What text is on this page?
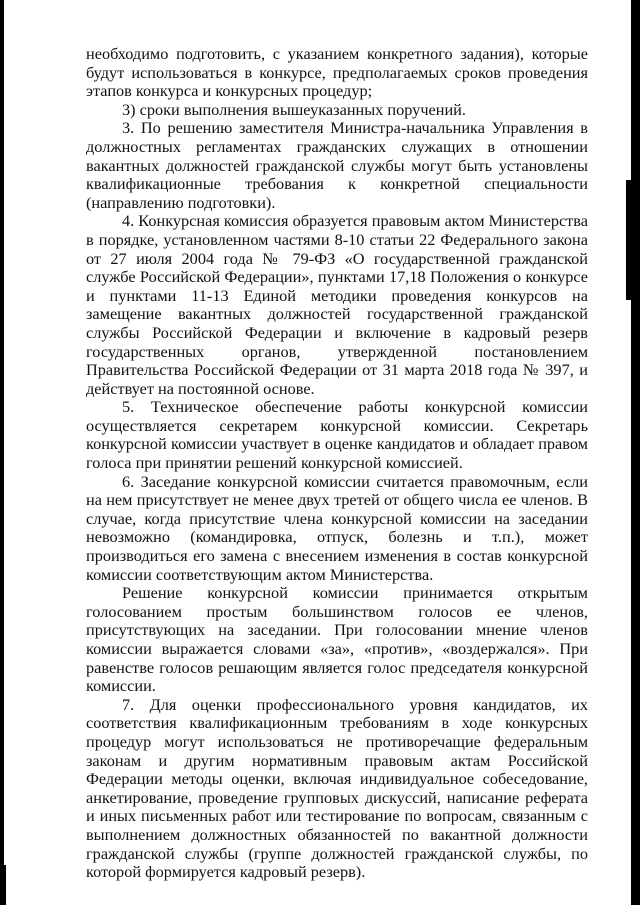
необходимо подготовить, с указанием конкретного задания), которые будут использоваться в конкурсе, предполагаемых сроков проведения этапов конкурса и конкурсных процедур;

3) сроки выполнения вышеуказанных поручений.

3. По решению заместителя Министра-начальника Управления в должностных регламентах гражданских служащих в отношении вакантных должностей гражданской службы могут быть установлены квалификационные требования к конкретной специальности (направлению подготовки).

4. Конкурсная комиссия образуется правовым актом Министерства в порядке, установленном частями 8-10 статьи 22 Федерального закона от 27 июля 2004 года № 79-ФЗ «О государственной гражданской службе Российской Федерации», пунктами 17,18 Положения о конкурсе и пунктами 11-13 Единой методики проведения конкурсов на замещение вакантных должностей государственной гражданской службы Российской Федерации и включение в кадровый резерв государственных органов, утвержденной постановлением Правительства Российской Федерации от 31 марта 2018 года № 397, и действует на постоянной основе.

5. Техническое обеспечение работы конкурсной комиссии осуществляется секретарем конкурсной комиссии. Секретарь конкурсной комиссии участвует в оценке кандидатов и обладает правом голоса при принятии решений конкурсной комиссией.

6. Заседание конкурсной комиссии считается правомочным, если на нем присутствует не менее двух третей от общего числа ее членов. В случае, когда присутствие члена конкурсной комиссии на заседании невозможно (командировка, отпуск, болезнь и т.п.), может производиться его замена с внесением изменения в состав конкурсной комиссии соответствующим актом Министерства.

Решение конкурсной комиссии принимается открытым голосованием простым большинством голосов ее членов, присутствующих на заседании. При голосовании мнение членов комиссии выражается словами «за», «против», «воздержался». При равенстве голосов решающим является голос председателя конкурсной комиссии.

7. Для оценки профессионального уровня кандидатов, их соответствия квалификационным требованиям в ходе конкурсных процедур могут использоваться не противоречащие федеральным законам и другим нормативным правовым актам Российской Федерации методы оценки, включая индивидуальное собеседование, анкетирование, проведение групповых дискуссий, написание реферата и иных письменных работ или тестирование по вопросам, связанным с выполнением должностных обязанностей по вакантной должности гражданской службы (группе должностей гражданской службы, по которой формируется кадровый резерв).
